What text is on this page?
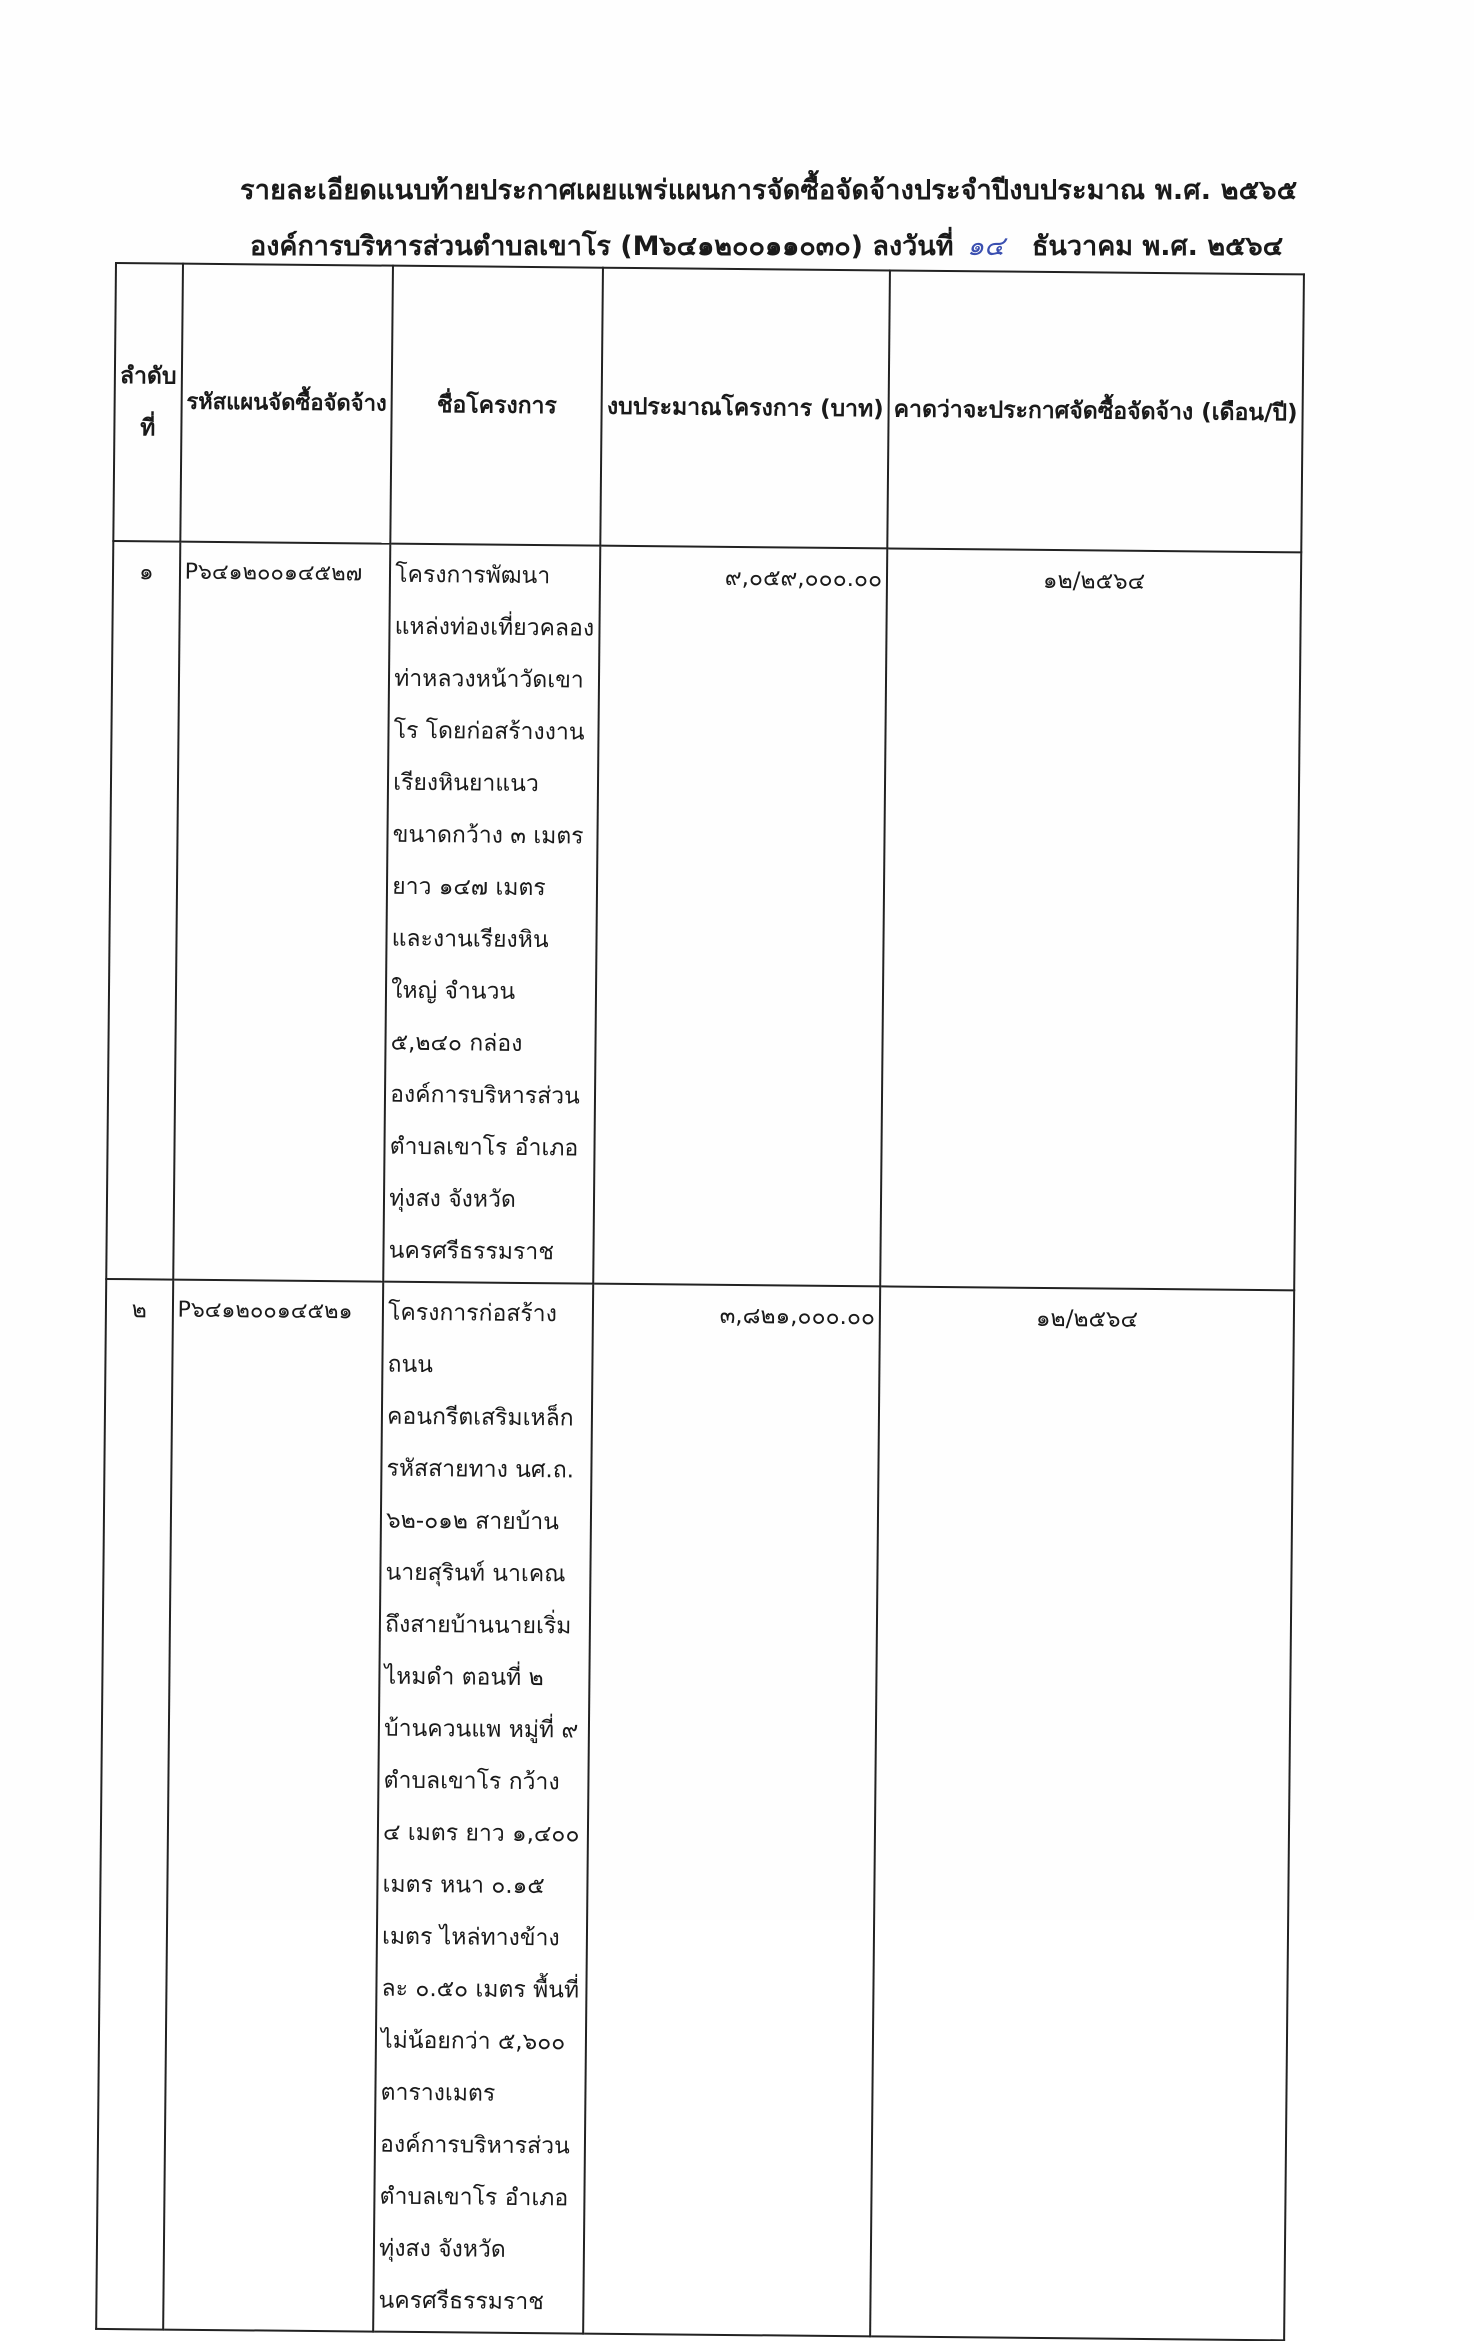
รายละเอียดแนบท้ายประกาศเผยแพร่แผนการจัดซื้อจัดจ้างประจำปีงบประมาณ พ.ศ. ๒๕๖๕
องค์การบริหารส่วนตำบลเขาโร (M๖๔๑๒๐๐๑๑๐๓๐) ลงวันที่ ๑๔ ธันวาคม พ.ศ. ๒๕๖๔
ลำดับที่	รหัสแผนจัดซื้อจัดจ้าง	ชื่อโครงการ	งบประมาณโครงการ (บาท)	คาดว่าจะประกาศจัดซื้อจัดจ้าง (เดือน/ปี)
๑	P๖๔๑๒๐๐๑๔๕๒๗	โครงการพัฒนาแหล่งท่องเที่ยวคลองท่าหลวงหน้าวัดเขาโร โดยก่อสร้างงานเรียงหินยาแนว ขนาดกว้าง ๓ เมตร ยาว ๑๔๗ เมตร และงานเรียงหินใหญ่ จำนวน ๕,๒๔๐ กล่อง องค์การบริหารส่วนตำบลเขาโร อำเภอทุ่งสง จังหวัดนครศรีธรรมราช	๙,๐๕๙,๐๐๐.๐๐	๑๒/๒๕๖๔
๒	P๖๔๑๒๐๐๑๔๕๒๑	โครงการก่อสร้างถนนคอนกรีตเสริมเหล็ก รหัสสายทาง นศ.ถ. ๖๒-๐๑๒ สายบ้านนายสุรินท์ นาเคณ ถึงสายบ้านนายเริ่ม ไหมดำ ตอนที่ ๒ บ้านควนแพ หมู่ที่ ๙ ตำบลเขาโร กว้าง ๔ เมตร ยาว ๑,๔๐๐ เมตร หนา ๐.๑๕ เมตร ไหล่ทางข้างละ ๐.๕๐ เมตร พื้นที่ไม่น้อยกว่า ๕,๖๐๐ ตารางเมตร องค์การบริหารส่วนตำบลเขาโร อำเภอทุ่งสง จังหวัดนครศรีธรรมราช	๓,๘๒๑,๐๐๐.๐๐	๑๒/๒๕๖๔
